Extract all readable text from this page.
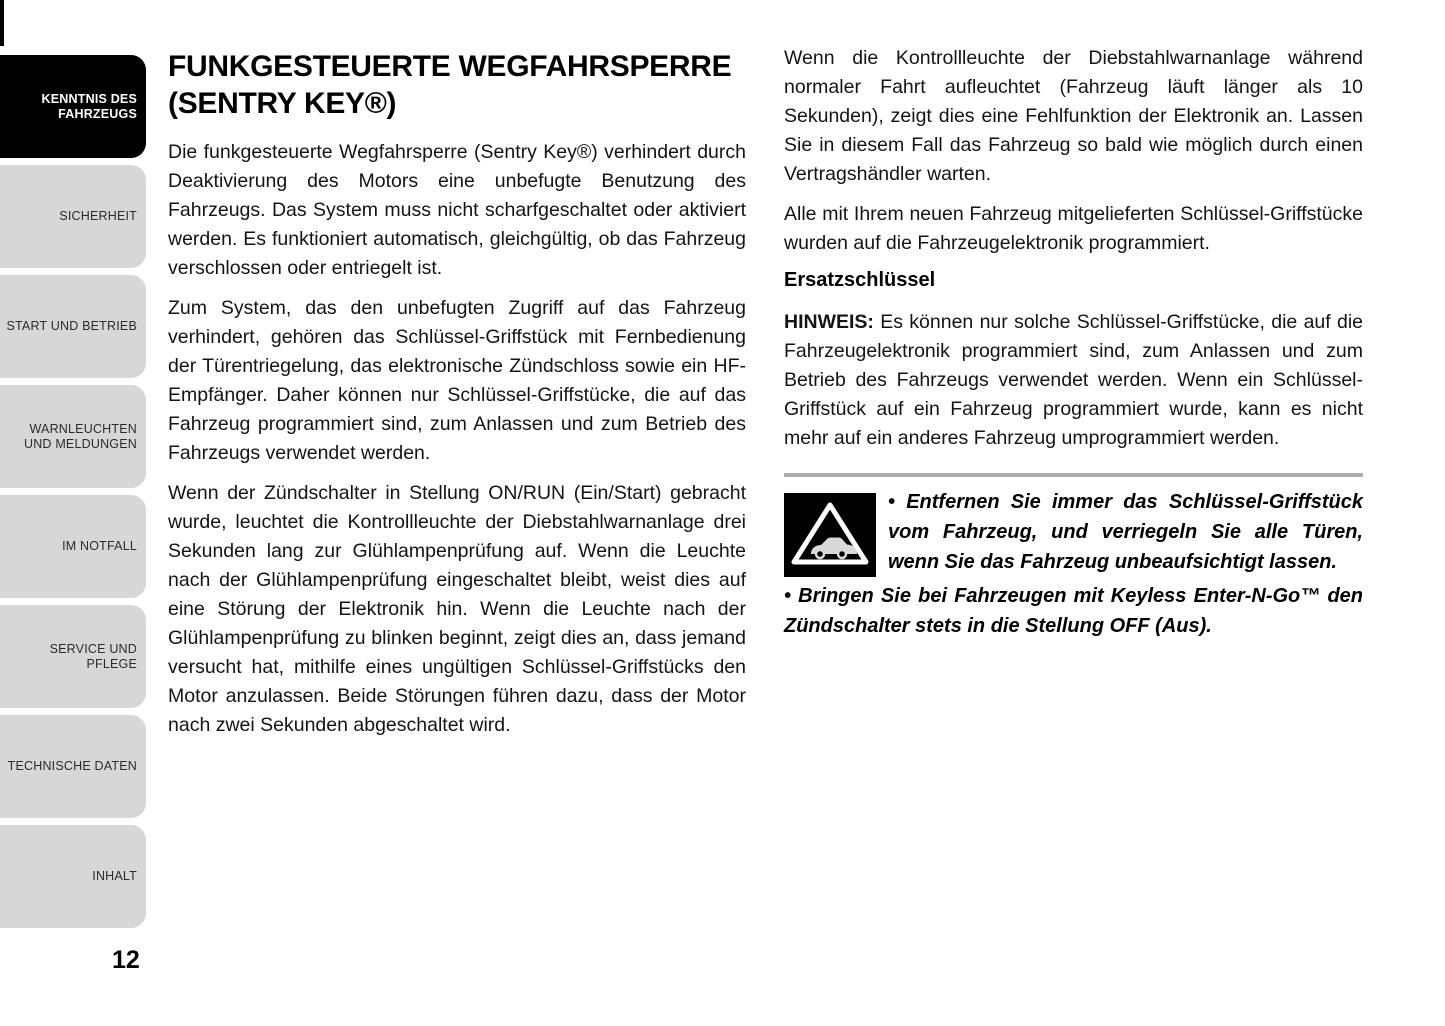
KENNTNIS DES FAHRZEUGS
SICHERHEIT
START UND BETRIEB
WARNLEUCHTEN UND MELDUNGEN
IM NOTFALL
SERVICE UND PFLEGE
TECHNISCHE DATEN
INHALT
FUNKGESTEUERTE WEGFAHRSPERRE (SENTRY KEY®)

Die funkgesteuerte Wegfahrsperre (Sentry Key®) verhindert durch Deaktivierung des Motors eine unbefugte Benutzung des Fahrzeugs. Das System muss nicht scharfgeschaltet oder aktiviert werden. Es funktioniert automatisch, gleichgültig, ob das Fahrzeug verschlossen oder entriegelt ist.

Zum System, das den unbefugten Zugriff auf das Fahrzeug verhindert, gehören das Schlüssel-Griffstück mit Fernbedienung der Türentriegelung, das elektronische Zündschloss sowie ein HF-Empfänger. Daher können nur Schlüssel-Griffstücke, die auf das Fahrzeug programmiert sind, zum Anlassen und zum Betrieb des Fahrzeugs verwendet werden.

Wenn der Zündschalter in Stellung ON/RUN (Ein/Start) gebracht wurde, leuchtet die Kontrollleuchte der Diebstahlwarnanlage drei Sekunden lang zur Glühlampenprüfung auf. Wenn die Leuchte nach der Glühlampenprüfung eingeschaltet bleibt, weist dies auf eine Störung der Elektronik hin. Wenn die Leuchte nach der Glühlampenprüfung zu blinken beginnt, zeigt dies an, dass jemand versucht hat, mithilfe eines ungültigen Schlüssel-Griffstücks den Motor anzulassen. Beide Störungen führen dazu, dass der Motor nach zwei Sekunden abgeschaltet wird.

Wenn die Kontrollleuchte der Diebstahlwarnanlage während normaler Fahrt aufleuchtet (Fahrzeug läuft länger als 10 Sekunden), zeigt dies eine Fehlfunktion der Elektronik an. Lassen Sie in diesem Fall das Fahrzeug so bald wie möglich durch einen Vertragshändler warten.

Alle mit Ihrem neuen Fahrzeug mitgelieferten Schlüssel-Griffstücke wurden auf die Fahrzeugelektronik programmiert.

Ersatzschlüssel

HINWEIS: Es können nur solche Schlüssel-Griffstücke, die auf die Fahrzeugelektronik programmiert sind, zum Anlassen und zum Betrieb des Fahrzeugs verwendet werden. Wenn ein Schlüssel-Griffstück auf ein Fahrzeug programmiert wurde, kann es nicht mehr auf ein anderes Fahrzeug umprogrammiert werden.

• Entfernen Sie immer das Schlüssel-Griffstück vom Fahrzeug, und verriegeln Sie alle Türen, wenn Sie das Fahrzeug unbeaufsichtigt lassen.

• Bringen Sie bei Fahrzeugen mit Keyless Enter-N-Go™ den Zündschalter stets in die Stellung OFF (Aus).

12
